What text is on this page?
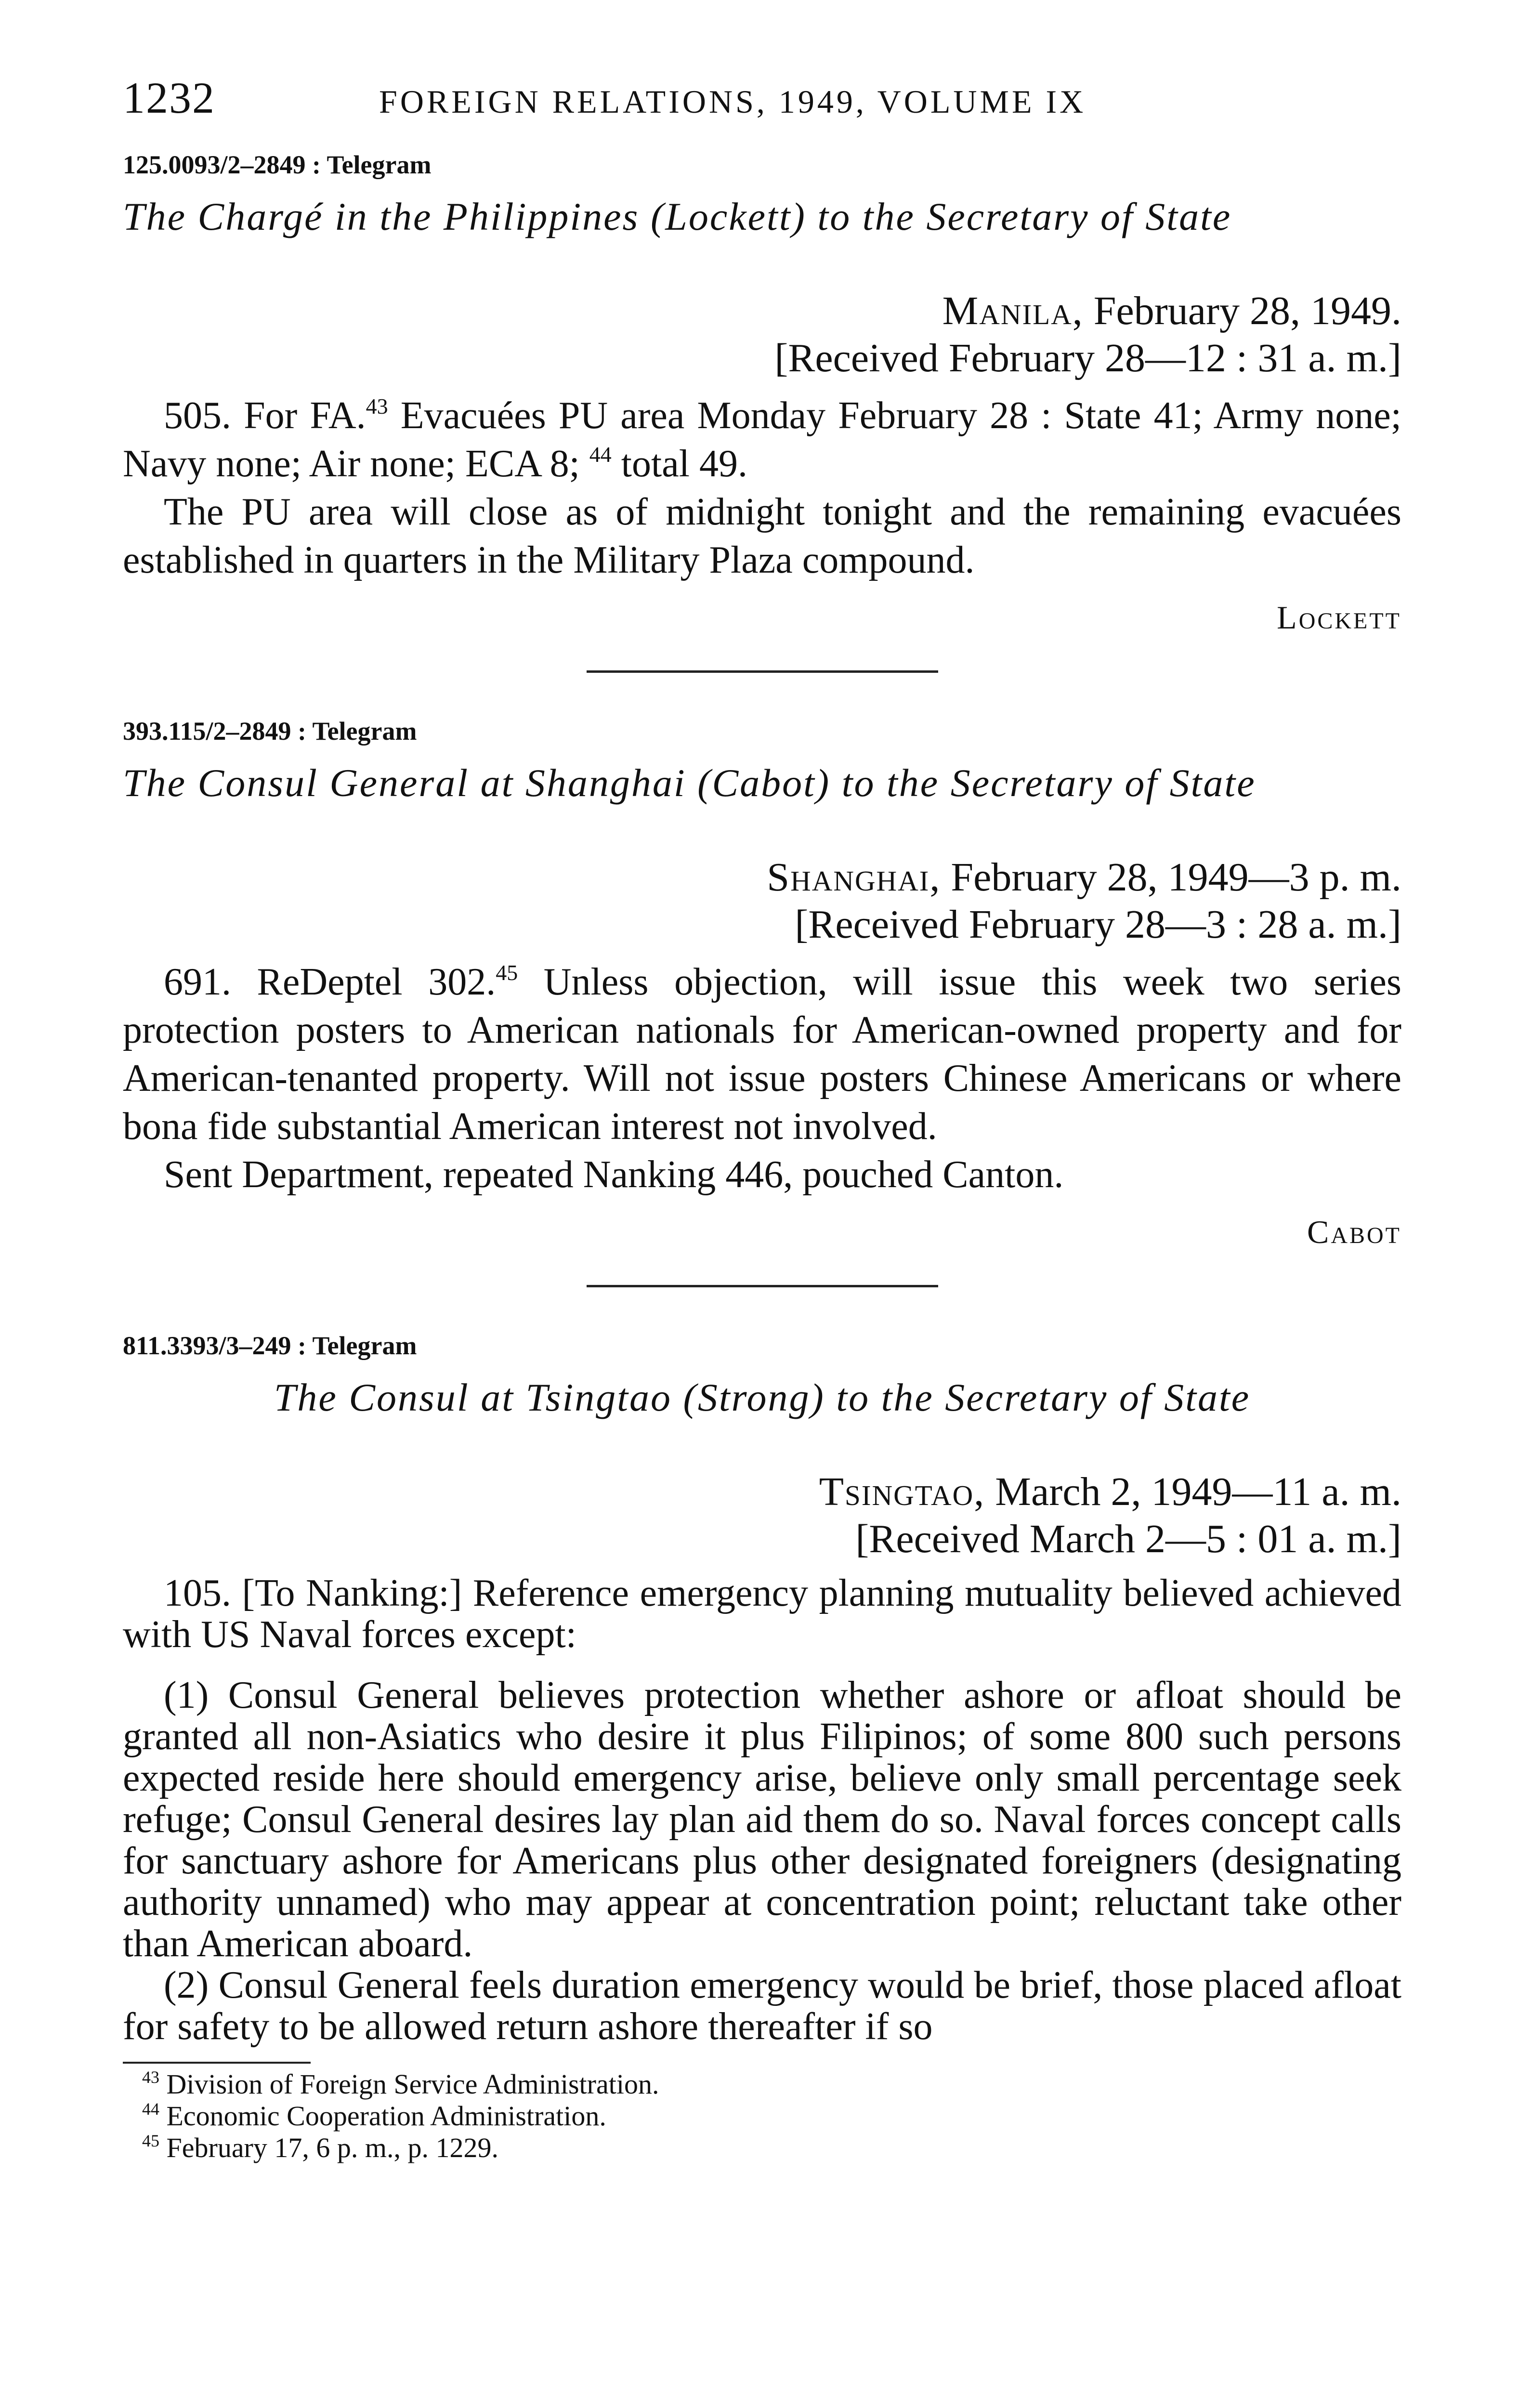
1232	FOREIGN RELATIONS, 1949, VOLUME IX
125.0093/2–2849 : Telegram
The Chargé in the Philippines (Lockett) to the Secretary of State
Manila, February 28, 1949.
[Received February 28—12 : 31 a. m.]

505. For FA.$^{43}$ Evacuées PU area Monday February 28 : State 41; Army none; Navy none; Air none; ECA 8; $^{44}$ total 49.

The PU area will close as of midnight tonight and the remaining evacuées established in quarters in the Military Plaza compound.

Lockett
393.115/2–2849 : Telegram
The Consul General at Shanghai (Cabot) to the Secretary of State
Shanghai, February 28, 1949—3 p. m.
[Received February 28—3 : 28 a. m.]

691. ReDeptel 302.45 Unless objection, will issue this week two series protection posters to American nationals for American-owned property and for American-tenanted property. Will not issue posters Chinese Americans or where bona fide substantial American interest not involved.

Sent Department, repeated Nanking 446, pouched Canton.

Cabot
811.3393/3–249 : Telegram
The Consul at Tsingtao (Strong) to the Secretary of State
Tsingtao, March 2, 1949—11 a. m.
[Received March 2—5 : 01 a. m.]

105. [To Nanking:] Reference emergency planning mutuality believed achieved with US Naval forces except:

(1) Consul General believes protection whether ashore or afloat should be granted all non-Asiatics who desire it plus Filipinos; of some 800 such persons expected reside here should emergency arise, believe only small percentage seek refuge; Consul General desires lay plan aid them do so. Naval forces concept calls for sanctuary ashore for Americans plus other designated foreigners (designating authority unnamed) who may appear at concentration point; reluctant take other than American aboard.

(2) Consul General feels duration emergency would be brief, those placed afloat for safety to be allowed return ashore thereafter if so

$^{43}$ Division of Foreign Service Administration.
$^{44}$ Economic Cooperation Administration.
$^{45}$ February 17, 6 p. m., p. 1229.
